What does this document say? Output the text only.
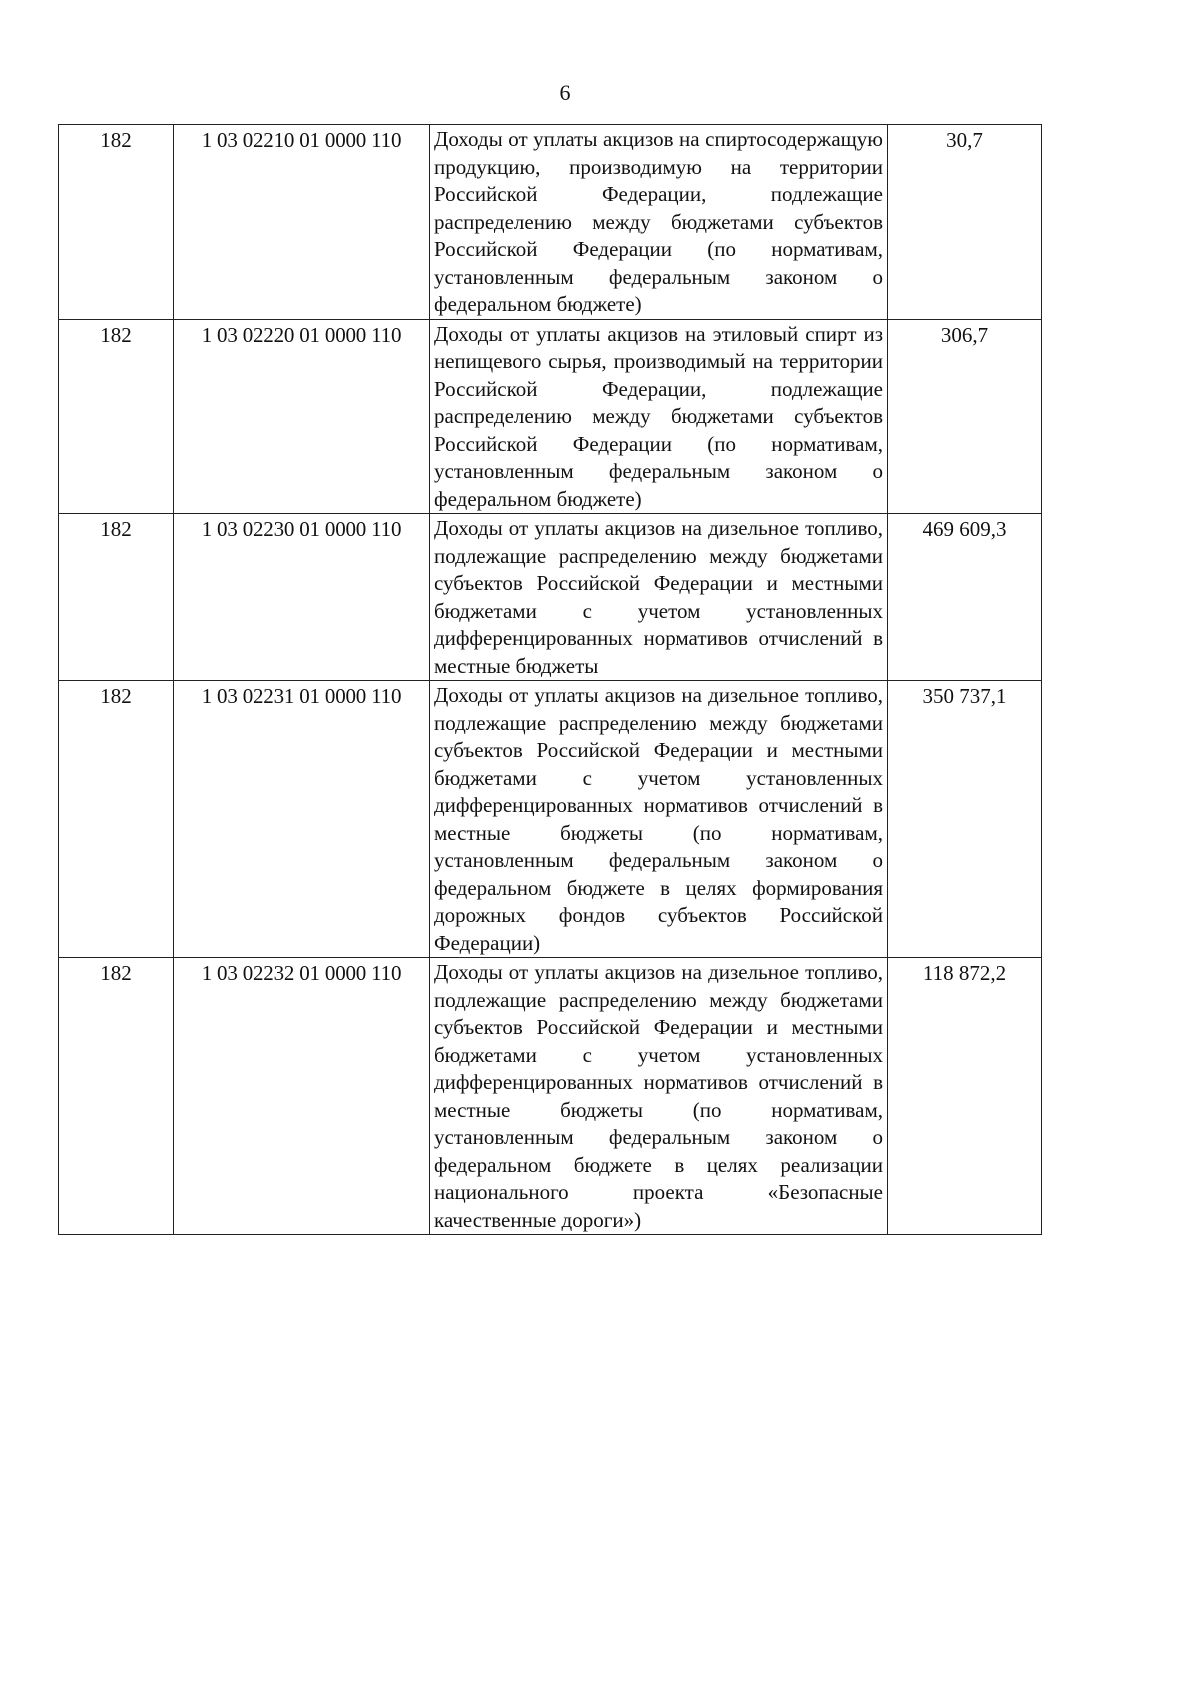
6
182	1 03 02210 01 0000 110	Доходы от уплаты акцизов на спиртосодержащую продукцию, производимую на территории Российской Федерации, подлежащие распределению между бюджетами субъектов Российской Федерации (по нормативам, установленным федеральным законом о федеральном бюджете)	30,7
182	1 03 02220 01 0000 110	Доходы от уплаты акцизов на этиловый спирт из непищевого сырья, производимый на территории Российской Федерации, подлежащие распределению между бюджетами субъектов Российской Федерации (по нормативам, установленным федеральным законом о федеральном бюджете)	306,7
182	1 03 02230 01 0000 110	Доходы от уплаты акцизов на дизельное топливо, подлежащие распределению между бюджетами субъектов Российской Федерации и местными бюджетами с учетом установленных дифференцированных нормативов отчислений в местные бюджеты	469 609,3
182	1 03 02231 01 0000 110	Доходы от уплаты акцизов на дизельное топливо, подлежащие распределению между бюджетами субъектов Российской Федерации и местными бюджетами с учетом установленных дифференцированных нормативов отчислений в местные бюджеты (по нормативам, установленным федеральным законом о федеральном бюджете в целях формирования дорожных фондов субъектов Российской Федерации)	350 737,1
182	1 03 02232 01 0000 110	Доходы от уплаты акцизов на дизельное топливо, подлежащие распределению между бюджетами субъектов Российской Федерации и местными бюджетами с учетом установленных дифференцированных нормативов отчислений в местные бюджеты (по нормативам, установленным федеральным законом о федеральном бюджете в целях реализации национального проекта «Безопасные качественные дороги»)	118 872,2
